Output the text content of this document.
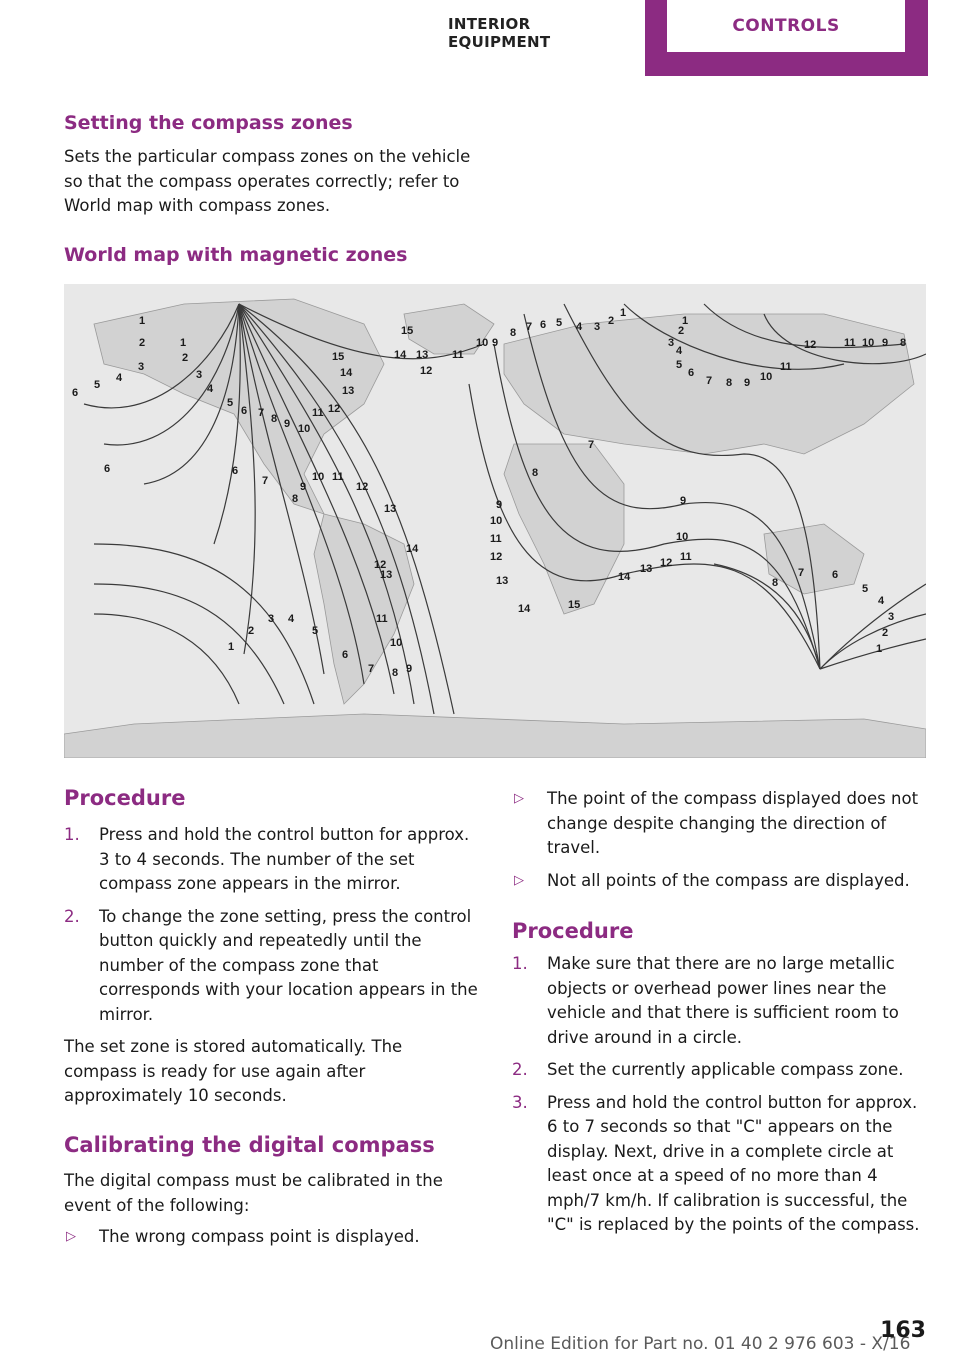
INTERIOR EQUIPMENT
CONTROLS
Setting the compass zones

Sets the particular compass zones on the vehicle so that the compass operates correctly; refer to World map with compass zones.

World map with magnetic zones
1
2
3
4
5
6
1
2
3
4
5
6 7 8 9 10
11 12
13
14
15
15
14 13
12
11
10 9
8 7 6 5 4 3 2
1
1
2
3
4
5
6
7 8 9 10
11
12	11 10 9 8
6	6
7
8
9
10 11
12
13
14
13
12
11
10
9
8
7
6
5
4
3
2
1
7
8
9
10
11
12
13
14	15
14
13 12 11
10
9
8
7	6
5
4
3
2
1
Procedure
1. Press and hold the control button for approx. 3 to 4 seconds. The number of the set compass zone appears in the mirror.
2. To change the zone setting, press the control button quickly and repeatedly until the number of the compass zone that corresponds with your location appears in the mirror.

The set zone is stored automatically. The compass is ready for use again after approximately 10 seconds.

Calibrating the digital compass

The digital compass must be calibrated in the event of the following:

▷ The wrong compass point is displayed.
▷ The point of the compass displayed does not change despite changing the direction of travel.
▷ Not all points of the compass are displayed.
Procedure
1. Make sure that there are no large metallic objects or overhead power lines near the vehicle and that there is sufficient room to drive around in a circle.
2. Set the currently applicable compass zone.
3. Press and hold the control button for approx. 6 to 7 seconds so that "C" appears on the display. Next, drive in a complete circle at least once at a speed of no more than 4 mph/7 km/h. If calibration is successful, the "C" is replaced by the points of the compass.
Online Edition for Part no. 01 40 2 976 603 - X/16
163
